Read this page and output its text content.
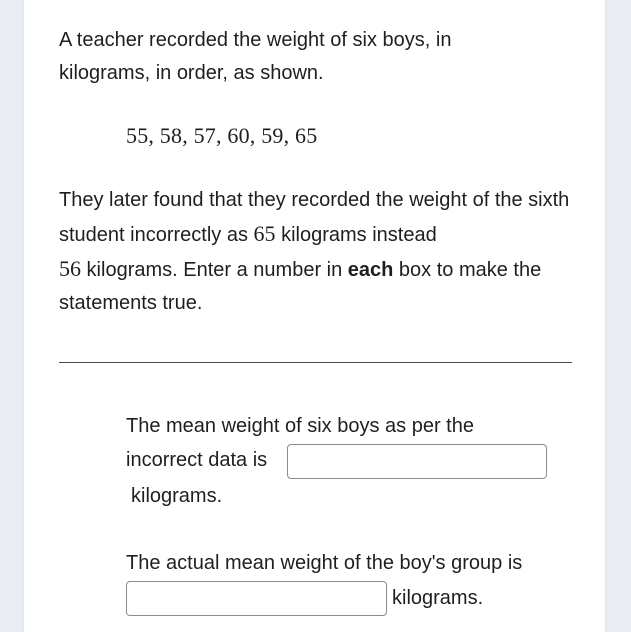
A teacher recorded the weight of six boys, in kilograms, in order, as shown.

55, 58, 57, 60, 59, 65

They later found that they recorded the weight of the sixth student incorrectly as 65 kilograms instead
56 kilograms. Enter a number in each box to make the statements true.

The mean weight of six boys as per the
incorrect data is
kilograms.
The actual mean weight of the boy's group is
kilograms.
